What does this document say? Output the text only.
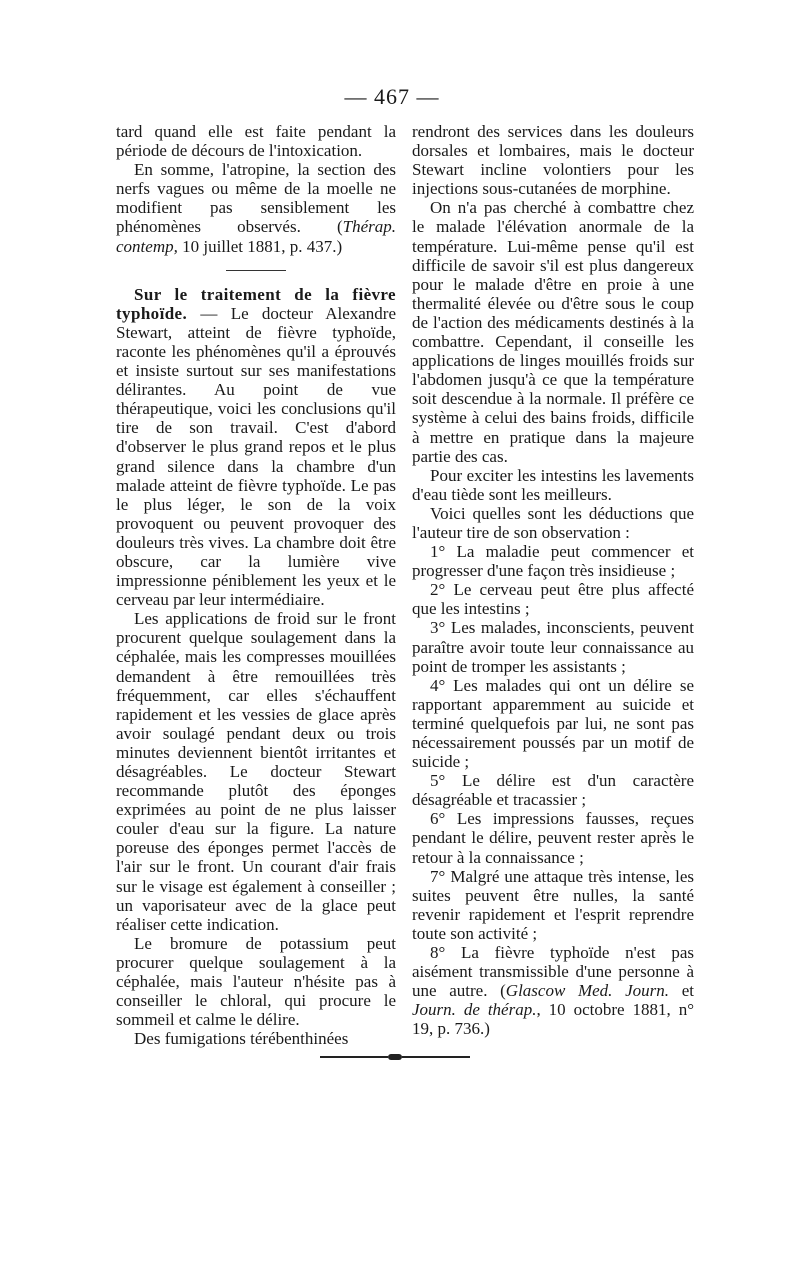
— 467 —

tard quand elle est faite pendant la période de décours de l'intoxication.

En somme, l'atropine, la section des nerfs vagues ou même de la moelle ne modifient pas sensiblement les phénomènes observés. (Thérap. contemp, 10 juillet 1881, p. 437.)

Sur le traitement de la fièvre typhoïde. — Le docteur Alexandre Stewart, atteint de fièvre typhoïde, raconte les phénomènes qu'il a éprouvés et insiste surtout sur ses manifestations délirantes. Au point de vue thérapeutique, voici les conclusions qu'il tire de son travail. C'est d'abord d'observer le plus grand repos et le plus grand silence dans la chambre d'un malade atteint de fièvre typhoïde. Le pas le plus léger, le son de la voix provoquent ou peuvent provoquer des douleurs très vives. La chambre doit être obscure, car la lumière vive impressionne péniblement les yeux et le cerveau par leur intermédiaire.

Les applications de froid sur le front procurent quelque soulagement dans la céphalée, mais les compresses mouillées demandent à être remouillées très fréquemment, car elles s'échauffent rapidement et les vessies de glace après avoir soulagé pendant deux ou trois minutes deviennent bientôt irritantes et désagréables. Le docteur Stewart recommande plutôt des éponges exprimées au point de ne plus laisser couler d'eau sur la figure. La nature poreuse des éponges permet l'accès de l'air sur le front. Un courant d'air frais sur le visage est également à conseiller ; un vaporisateur avec de la glace peut réaliser cette indication.

Le bromure de potassium peut procurer quelque soulagement à la céphalée, mais l'auteur n'hésite pas à conseiller le chloral, qui procure le sommeil et calme le délire.

Des fumigations térébenthinées

rendront des services dans les douleurs dorsales et lombaires, mais le docteur Stewart incline volontiers pour les injections sous-cutanées de morphine.

On n'a pas cherché à combattre chez le malade l'élévation anormale de la température. Lui-même pense qu'il est difficile de savoir s'il est plus dangereux pour le malade d'être en proie à une thermalité élevée ou d'être sous le coup de l'action des médicaments destinés à la combattre. Cependant, il conseille les applications de linges mouillés froids sur l'abdomen jusqu'à ce que la température soit descendue à la normale. Il préfère ce système à celui des bains froids, difficile à mettre en pratique dans la majeure partie des cas.

Pour exciter les intestins les lavements d'eau tiède sont les meilleurs.

Voici quelles sont les déductions que l'auteur tire de son observation :

1° La maladie peut commencer et progresser d'une façon très insidieuse ;

2° Le cerveau peut être plus affecté que les intestins ;

3° Les malades, inconscients, peuvent paraître avoir toute leur connaissance au point de tromper les assistants ;

4° Les malades qui ont un délire se rapportant apparemment au suicide et terminé quelquefois par lui, ne sont pas nécessairement poussés par un motif de suicide ;

5° Le délire est d'un caractère désagréable et tracassier ;

6° Les impressions fausses, reçues pendant le délire, peuvent rester après le retour à la connaissance ;

7° Malgré une attaque très intense, les suites peuvent être nulles, la santé revenir rapidement et l'esprit reprendre toute son activité ;

8° La fièvre typhoïde n'est pas aisément transmissible d'une personne à une autre. (Glascow Med. Journ. et Journ. de thérap., 10 octobre 1881, n° 19, p. 736.)
